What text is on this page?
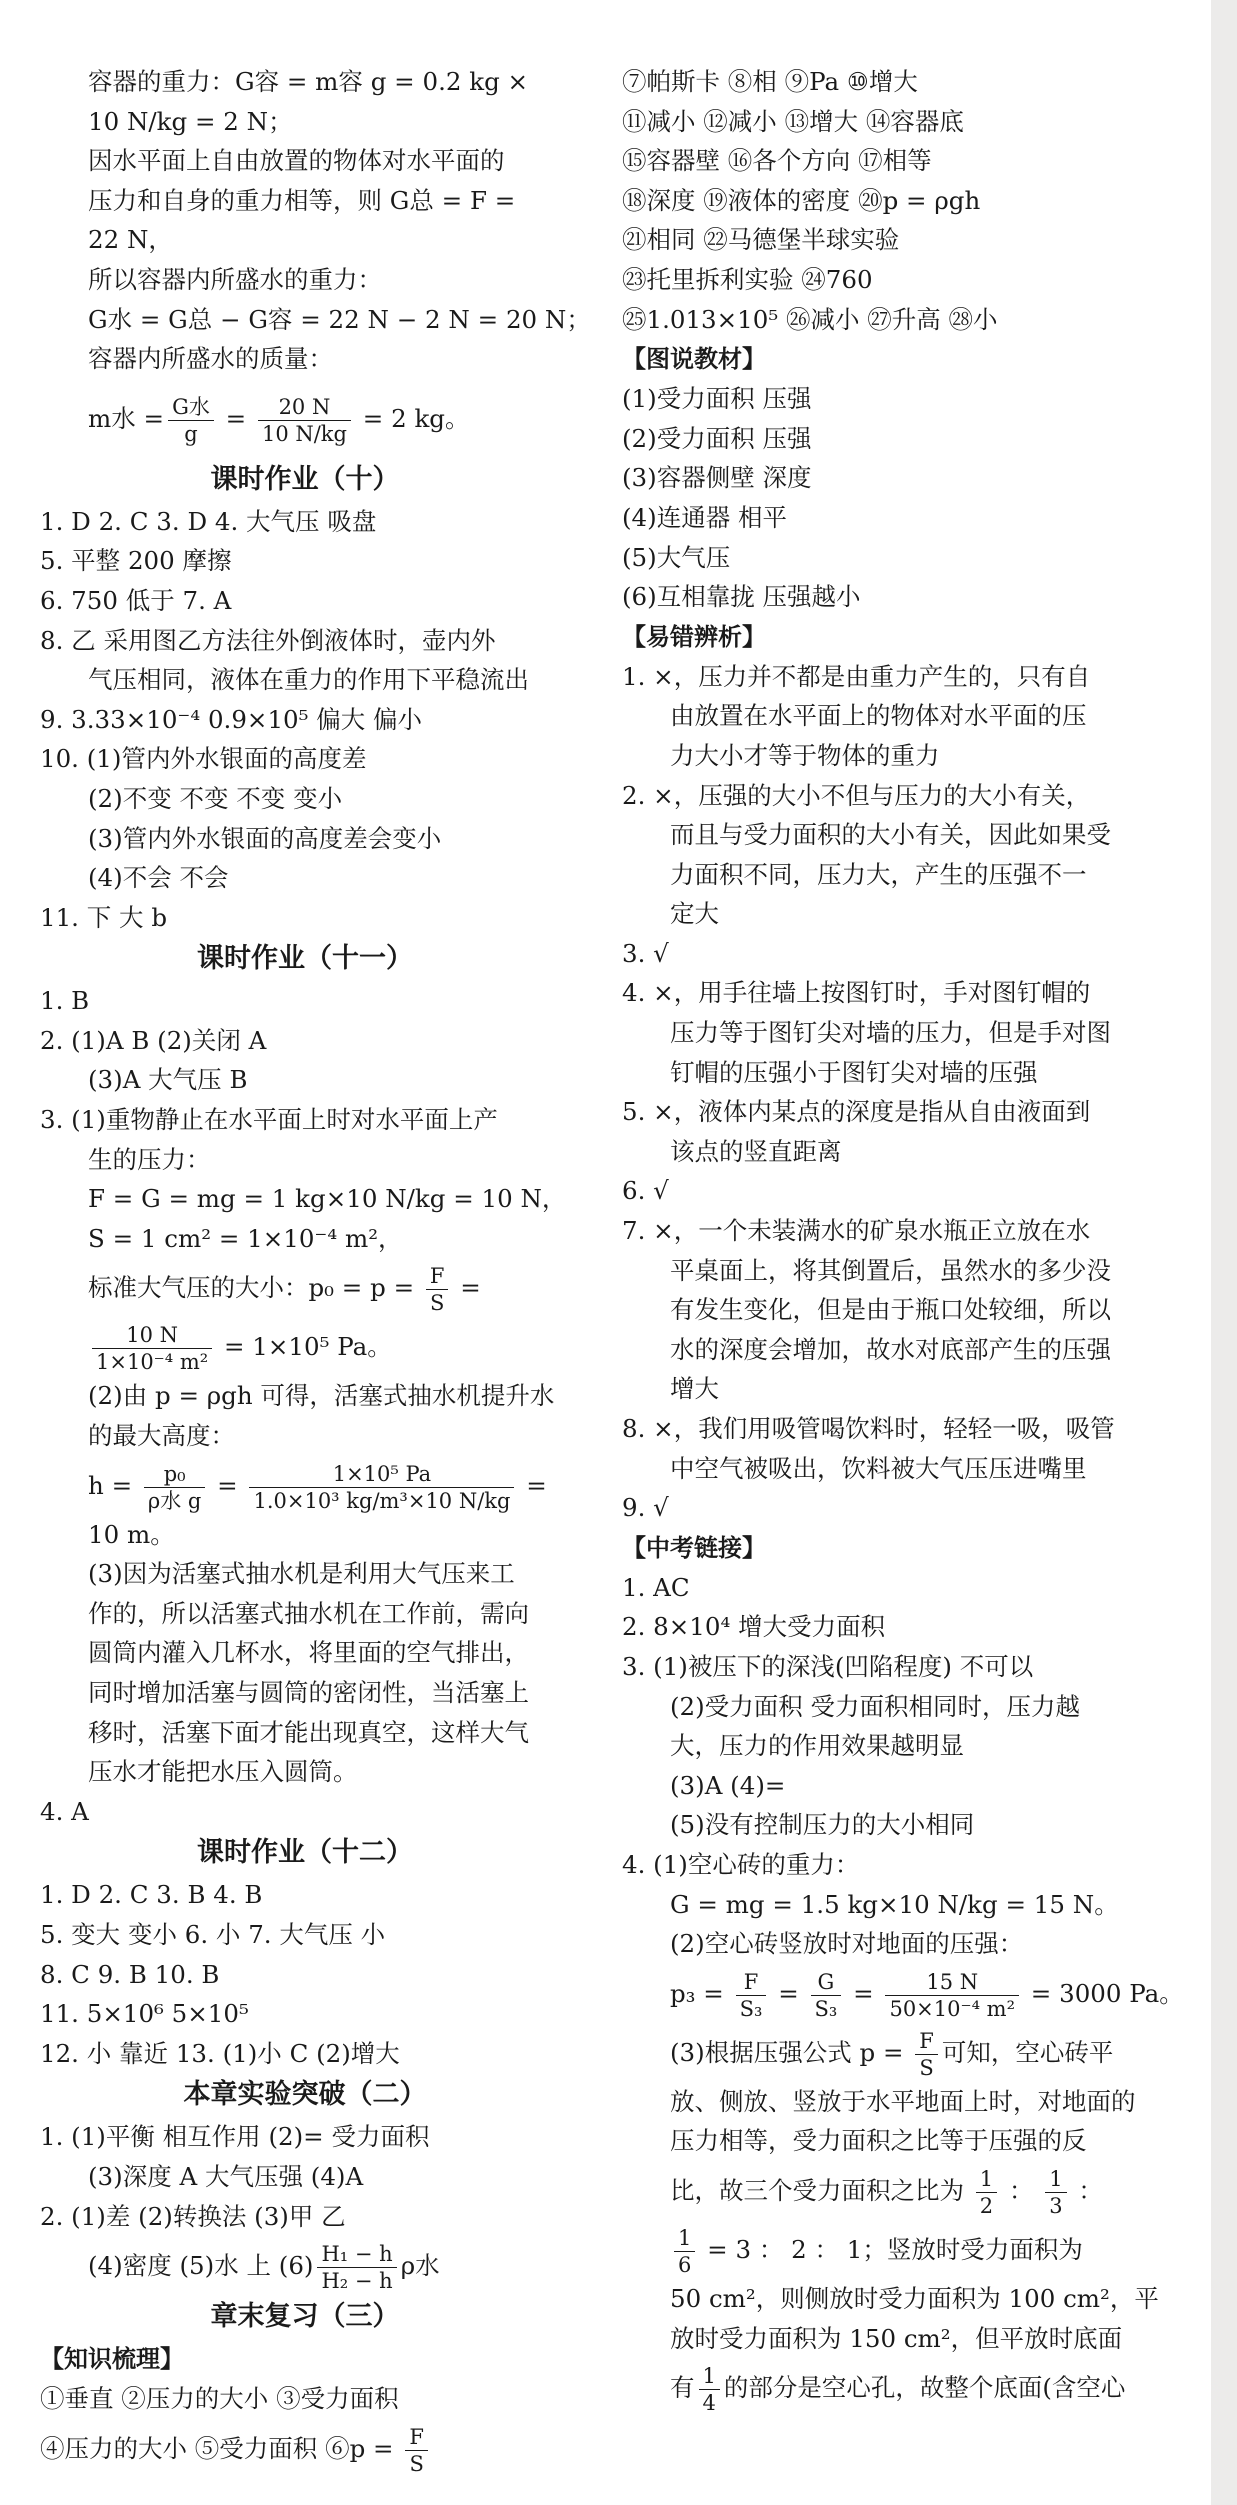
容器的重力：G容 = m容 g = 0.2 kg ×
10 N/kg = 2 N；
因水平面上自由放置的物体对水平面的
压力和自身的重力相等，则 G总 = F =
22 N，
所以容器内所盛水的重力：
G水 = G总 − G容 = 22 N − 2 N = 20 N；
容器内所盛水的质量：
m水 = G水
g
= $\frac{20 N}{10 N/kg} = 2$ kg。
课时作业（十）
1. D 2. C 3. D 4. 大气压 吸盘
5. 平整 200 摩擦
6. 750 低于 7. A
8. 乙 采用图乙方法往外倒液体时，壶内外
气压相同，液体在重力的作用下平稳流出
9. 3.33×10⁻⁴ 0.9×10⁵ 偏大 偏小
10. (1)管内外水银面的高度差
(2)不变 不变 不变 变小
(3)管内外水银面的高度差会变小
(4)不会 不会
11. 下 大 b
课时作业（十一）
1. B
2. (1)A B (2)关闭 A
(3)A 大气压 B
3. (1)重物静止在水平面上时对水平面上产
生的压力：
F = G = mg = 1 kg×10 N/kg = 10 N，
S = 1 cm² = 1×10⁻⁴ m²，
标准大气压的大小：$p_0 = p = \frac{F}{S}$ =
$\frac{10 N}{\text{1×10⁻⁴ m²}} = 1\times 10^5$ Pa。
(2)由 p = ρgh 可得，活塞式抽水机提升水
的最大高度：
h =	p₀
ρ水 g
= $\frac{\text{1×10⁵ Pa}}{\text{1.0×10³ kg/m³×10 N/kg}}$ =
10 m。
(3)因为活塞式抽水机是利用大气压来工
作的，所以活塞式抽水机在工作前，需向
圆筒内灌入几杯水，将里面的空气排出，
同时增加活塞与圆筒的密闭性，当活塞上
移时，活塞下面才能出现真空，这样大气
压水才能把水压入圆筒。
4. A
课时作业（十二）
1. D 2. C 3. B 4. B
5. 变大 变小 6. 小 7. 大气压 小
8. C 9. B 10. B
11. 5×10⁶ 5×10⁵
12. 小 靠近 13. (1)小 C (2)增大
本章实验突破（二）
1. (1)平衡 相互作用 (2)= 受力面积
(3)深度 A 大气压强 (4)A
2. (1)差 (2)转换法 (3)甲 乙
(4)密度 (5)水 上 $(6) \frac{\text{H₁ − h}}{\text{H₂ − h}}$ ρ水
章末复习（三）
【知识梳理】
①垂直 ②压力的大小 ③受力面积
④压力的大小 ⑤受力面积 ⑥p = $\frac{F}{S}$
⑦帕斯卡 ⑧相 ⑨Pa ⑩增大
⑪减小 ⑫减小 ⑬增大 ⑭容器底
⑮容器壁 ⑯各个方向 ⑰相等
⑱深度 ⑲液体的密度 ⑳p = ρgh
㉑相同 ㉒马德堡半球实验
㉓托里拆利实验 ㉔760
㉕1.013×10⁵ ㉖减小 ㉗升高 ㉘小
【图说教材】
(1)受力面积 压强
(2)受力面积 压强
(3)容器侧壁 深度
(4)连通器 相平
(5)大气压
(6)互相靠拢 压强越小
【易错辨析】
1. ×，压力并不都是由重力产生的，只有自
由放置在水平面上的物体对水平面的压
力大小才等于物体的重力
2. ×，压强的大小不但与压力的大小有关，
而且与受力面积的大小有关，因此如果受
力面积不同，压力大，产生的压强不一
定大
3. √
4. ×，用手往墙上按图钉时，手对图钉帽的
压力等于图钉尖对墙的压力，但是手对图
钉帽的压强小于图钉尖对墙的压强
5. ×，液体内某点的深度是指从自由液面到
该点的竖直距离
6. √
7. ×，一个未装满水的矿泉水瓶正立放在水
平桌面上，将其倒置后，虽然水的多少没
有发生变化，但是由于瓶口处较细，所以
水的深度会增加，故水对底部产生的压强
增大
8. ×，我们用吸管喝饮料时，轻轻一吸，吸管
中空气被吸出，饮料被大气压压进嘴里
9. √
【中考链接】
1. AC
2. 8×10⁴ 增大受力面积
3. (1)被压下的深浅(凹陷程度) 不可以
(2)受力面积 受力面积相同时，压力越
大，压力的作用效果越明显
(3)A (4)=
(5)没有控制压力的大小相同
4. (1)空心砖的重力：
G = mg = 1.5 kg×10 N/kg = 15 N。
(2)空心砖竖放时对地面的压强：
$p_3 = \frac{F}{\text{S₃}} = \frac{G}{\text{S₃}} = \frac{15 N}{\text{50×10⁻⁴ m²}} = 3000$ Pa。
(3)根据压强公式 $p = \frac{F}{S}$ 可知，空心砖平
放、侧放、竖放于水平地面上时，对地面的
压力相等，受力面积之比等于压强的反
比，故三个受力面积之比为 $\frac{1}{2}$ ： $\frac{1}{3}$ ：
$\frac{1}{6} = 3$ ： 2 ： 1；竖放时受力面积为
50 cm²，则侧放时受力面积为 100 cm²，平
放时受力面积为 150 cm²，但平放时底面
有 $\frac{1}{4}$ 的部分是空心孔，故整个底面(含空心
